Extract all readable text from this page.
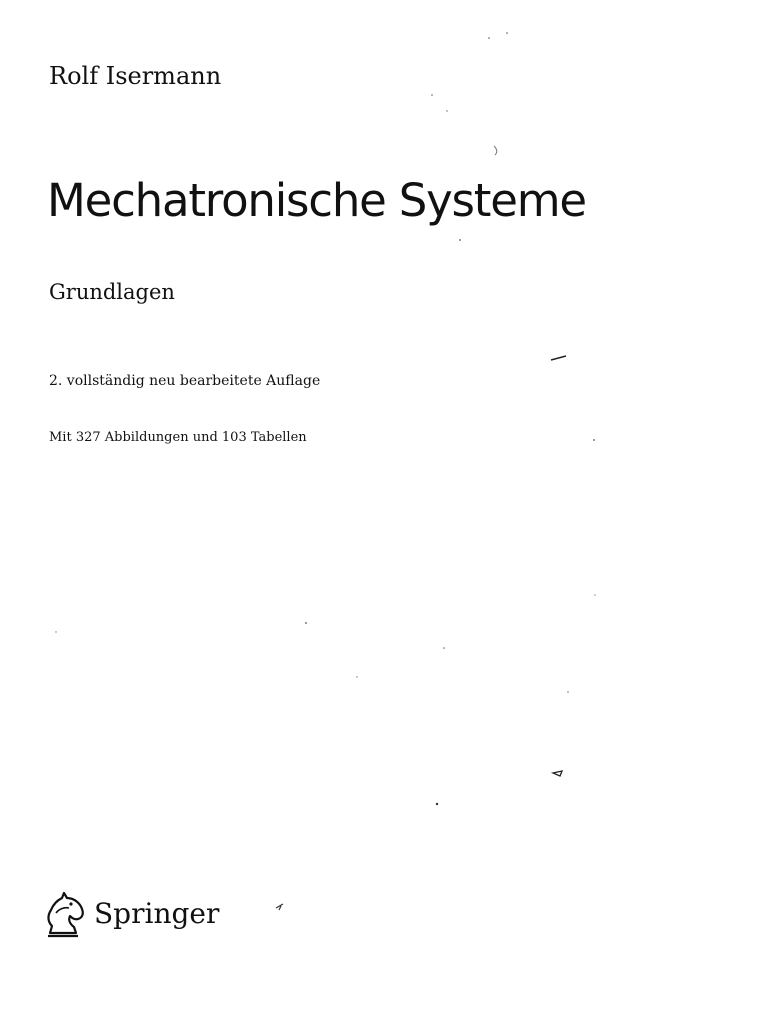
Rolf Isermann
Mechatronische Systeme
Grundlagen
2. vollständig neu bearbeitete Auflage
Mit 327 Abbildungen und 103 Tabellen
Springer
